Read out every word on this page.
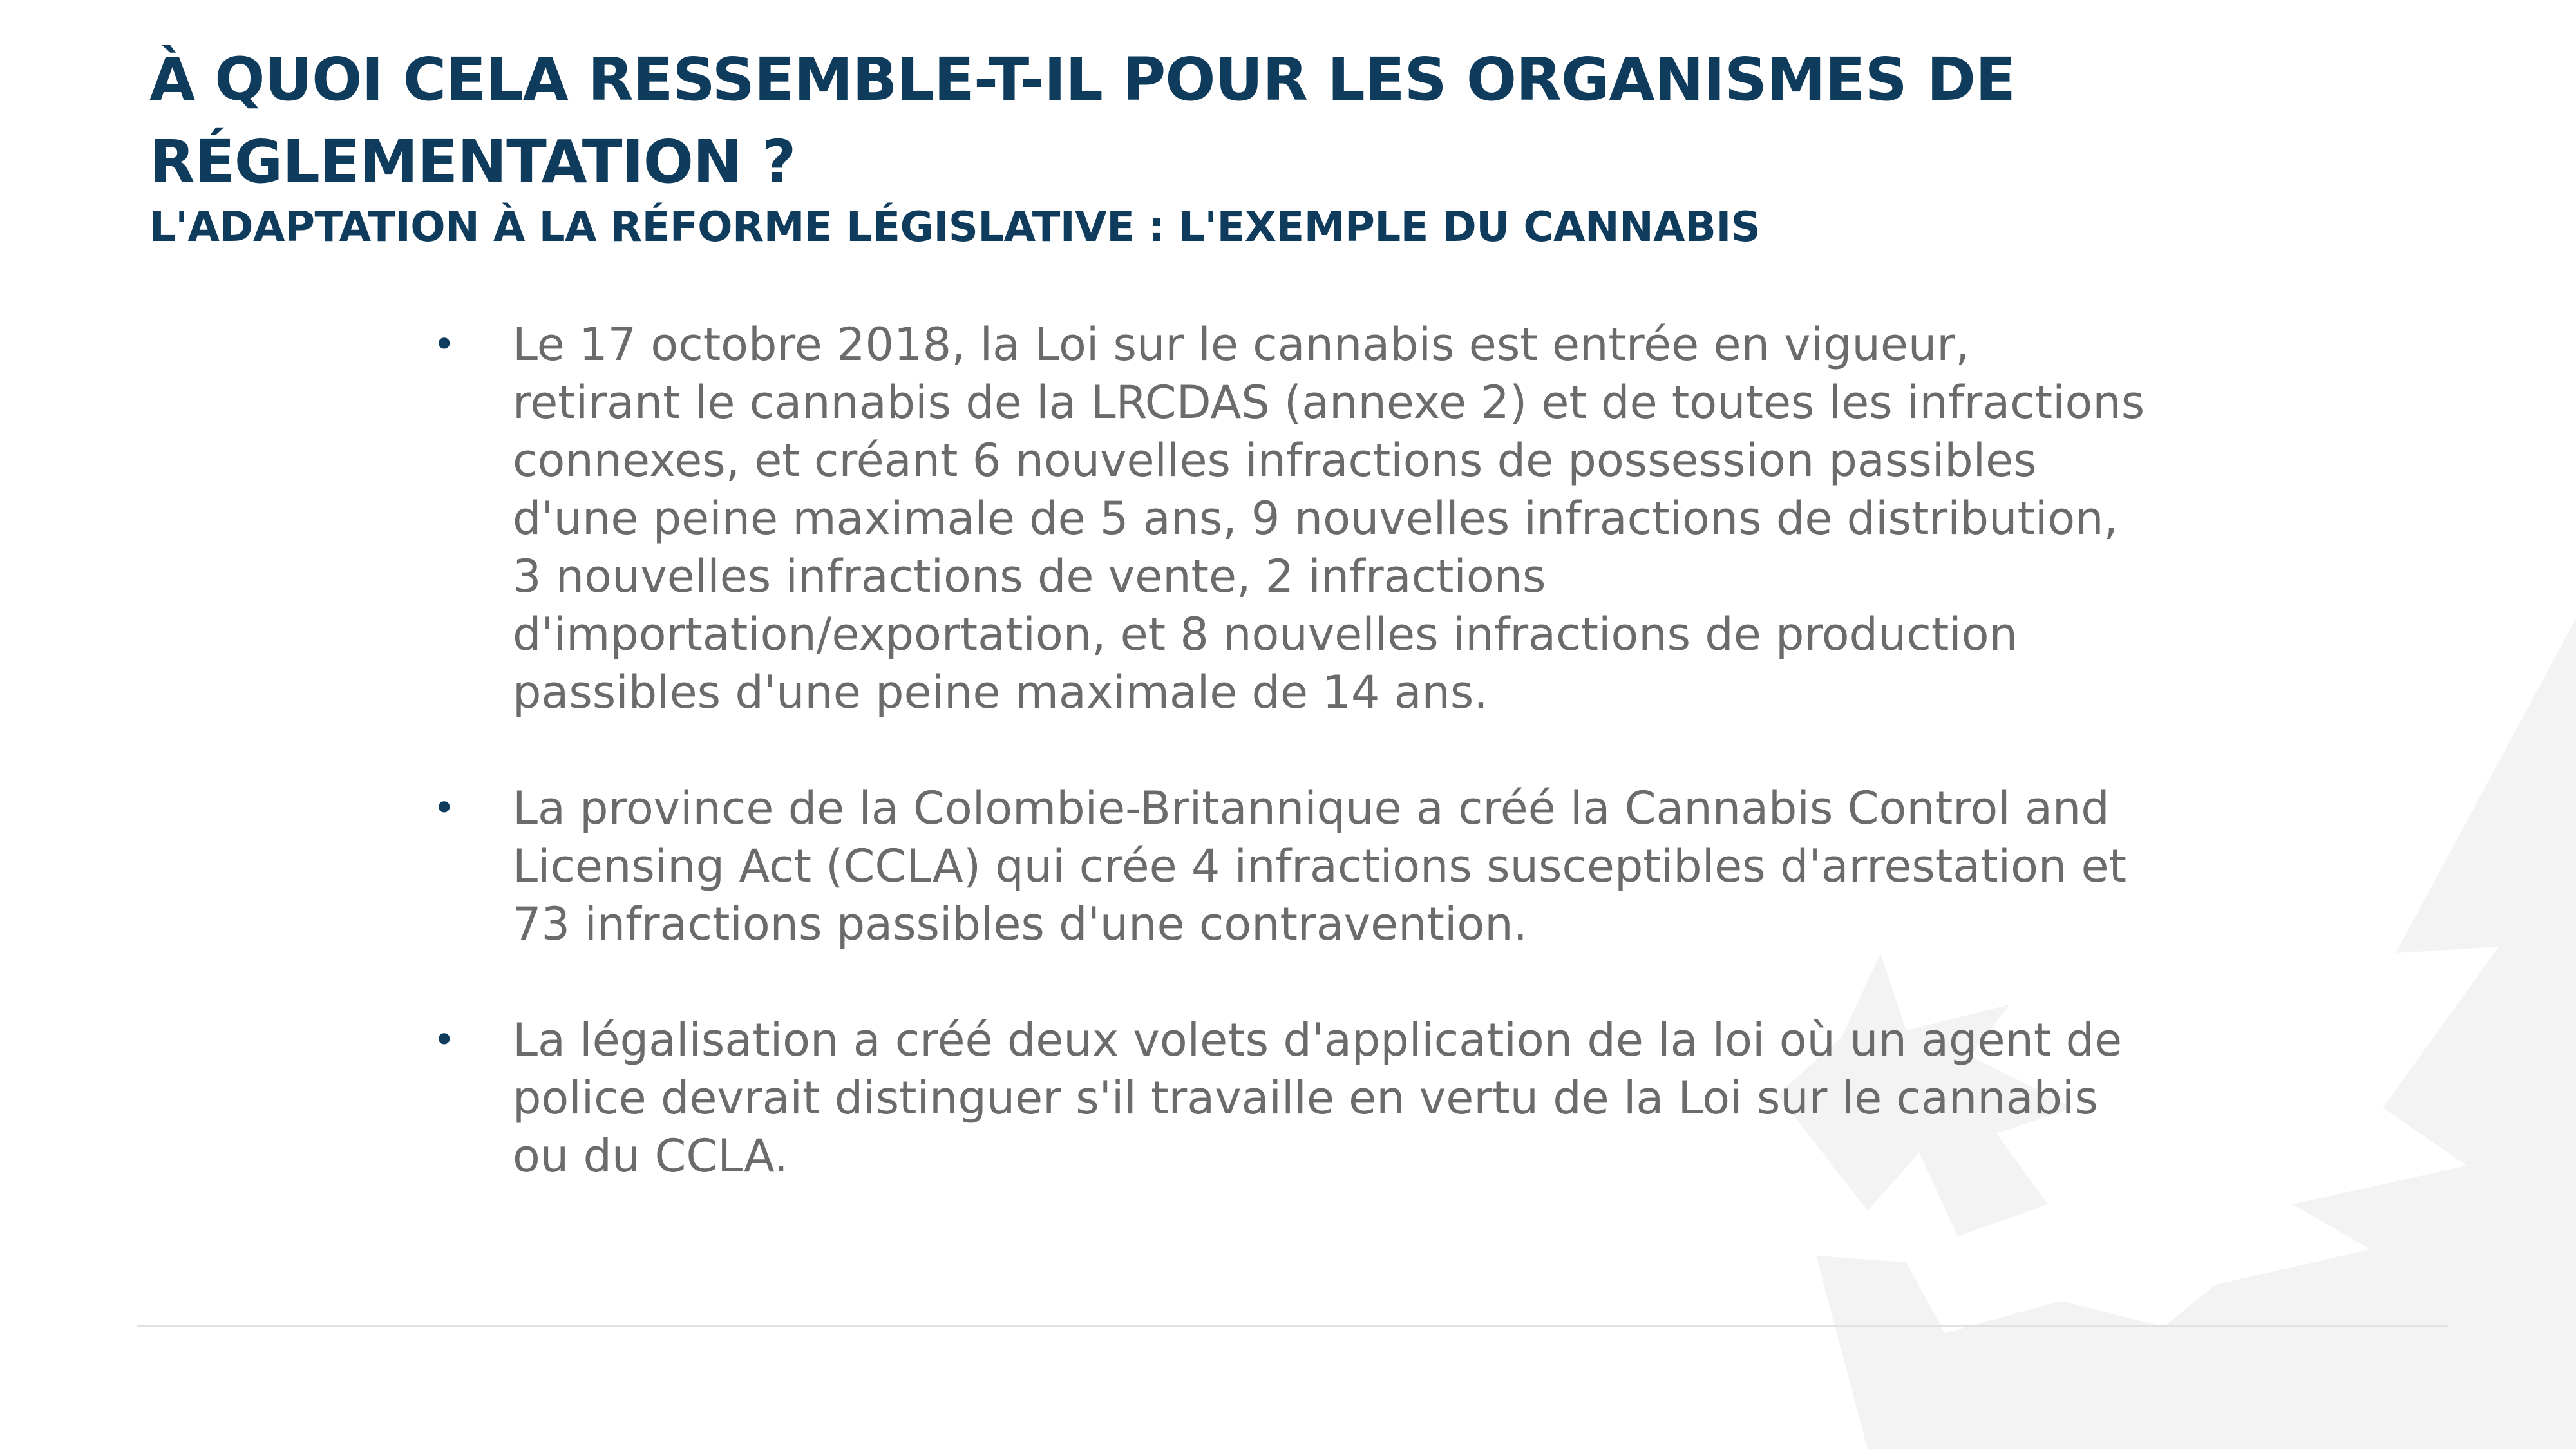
À QUOI CELA RESSEMBLE-T-IL POUR LES ORGANISMES DE RÉGLEMENTATION ?
L'ADAPTATION À LA RÉFORME LÉGISLATIVE : L'EXEMPLE DU CANNABIS
• Le 17 octobre 2018, la Loi sur le cannabis est entrée en vigueur, retirant le cannabis de la LRCDAS (annexe 2) et de toutes les infractions connexes, et créant 6 nouvelles infractions de possession passibles d'une peine maximale de 5 ans, 9 nouvelles infractions de distribution, 3 nouvelles infractions de vente, 2 infractions d'importation/exportation, et 8 nouvelles infractions de production passibles d'une peine maximale de 14 ans.
• La province de la Colombie-Britannique a créé la Cannabis Control and Licensing Act (CCLA) qui crée 4 infractions susceptibles d'arrestation et 73 infractions passibles d'une contravention.
• La légalisation a créé deux volets d'application de la loi où un agent de police devrait distinguer s'il travaille en vertu de la Loi sur le cannabis ou du CCLA.
